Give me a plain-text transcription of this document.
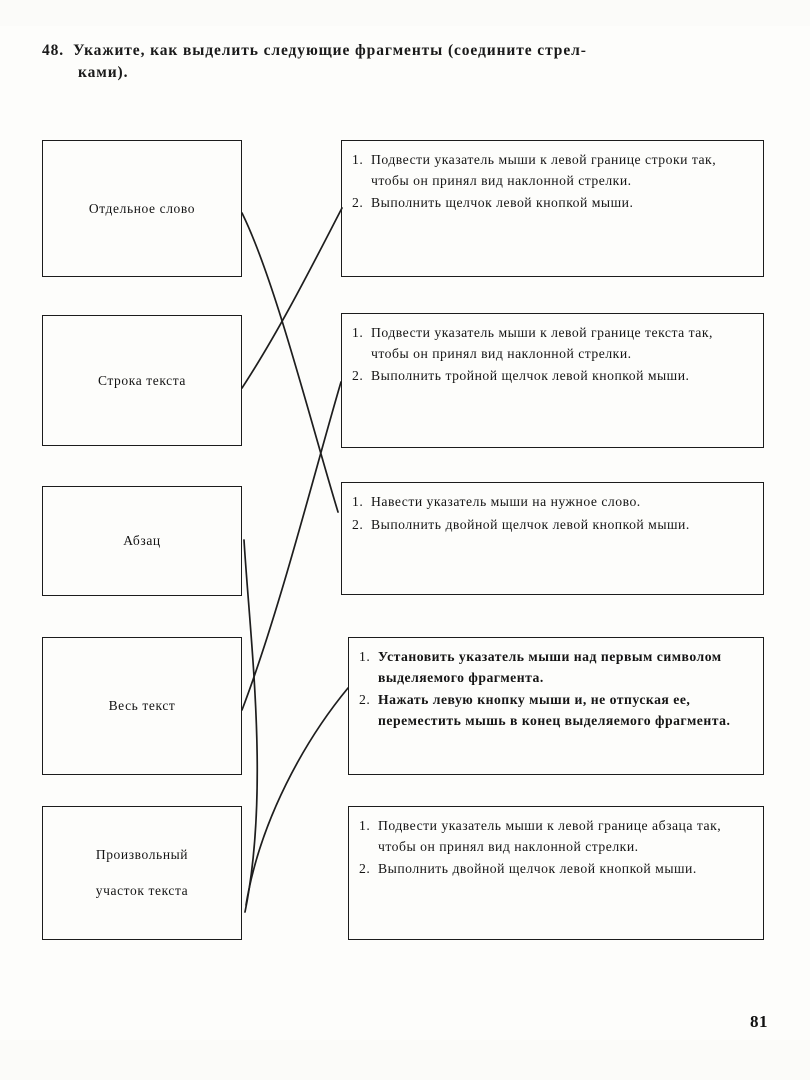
48. Укажите, как выделить следующие фрагменты (соедините стрел-
ками).
Отдельное слово
Строка текста
Абзац
Весь текст
Произвольный

участок текста
1. Подвести указатель мыши к левой границе строки так, чтобы он принял вид наклонной стрелки.
2. Выполнить щелчок левой кнопкой мыши.
1. Подвести указатель мыши к левой границе текста так, чтобы он принял вид наклонной стрелки.
2. Выполнить тройной щелчок левой кнопкой мыши.
1. Навести указатель мыши на нужное слово.
2. Выполнить двойной щелчок левой кнопкой мыши.
1. Установить указатель мыши над первым символом выделяемого фрагмента.
2. Нажать левую кнопку мыши и, не отпуская ее, переместить мышь в конец выделяемого фрагмента.
1. Подвести указатель мыши к левой границе абзаца так, чтобы он принял вид наклонной стрелки.
2. Выполнить двойной щелчок левой кнопкой мыши.
81
